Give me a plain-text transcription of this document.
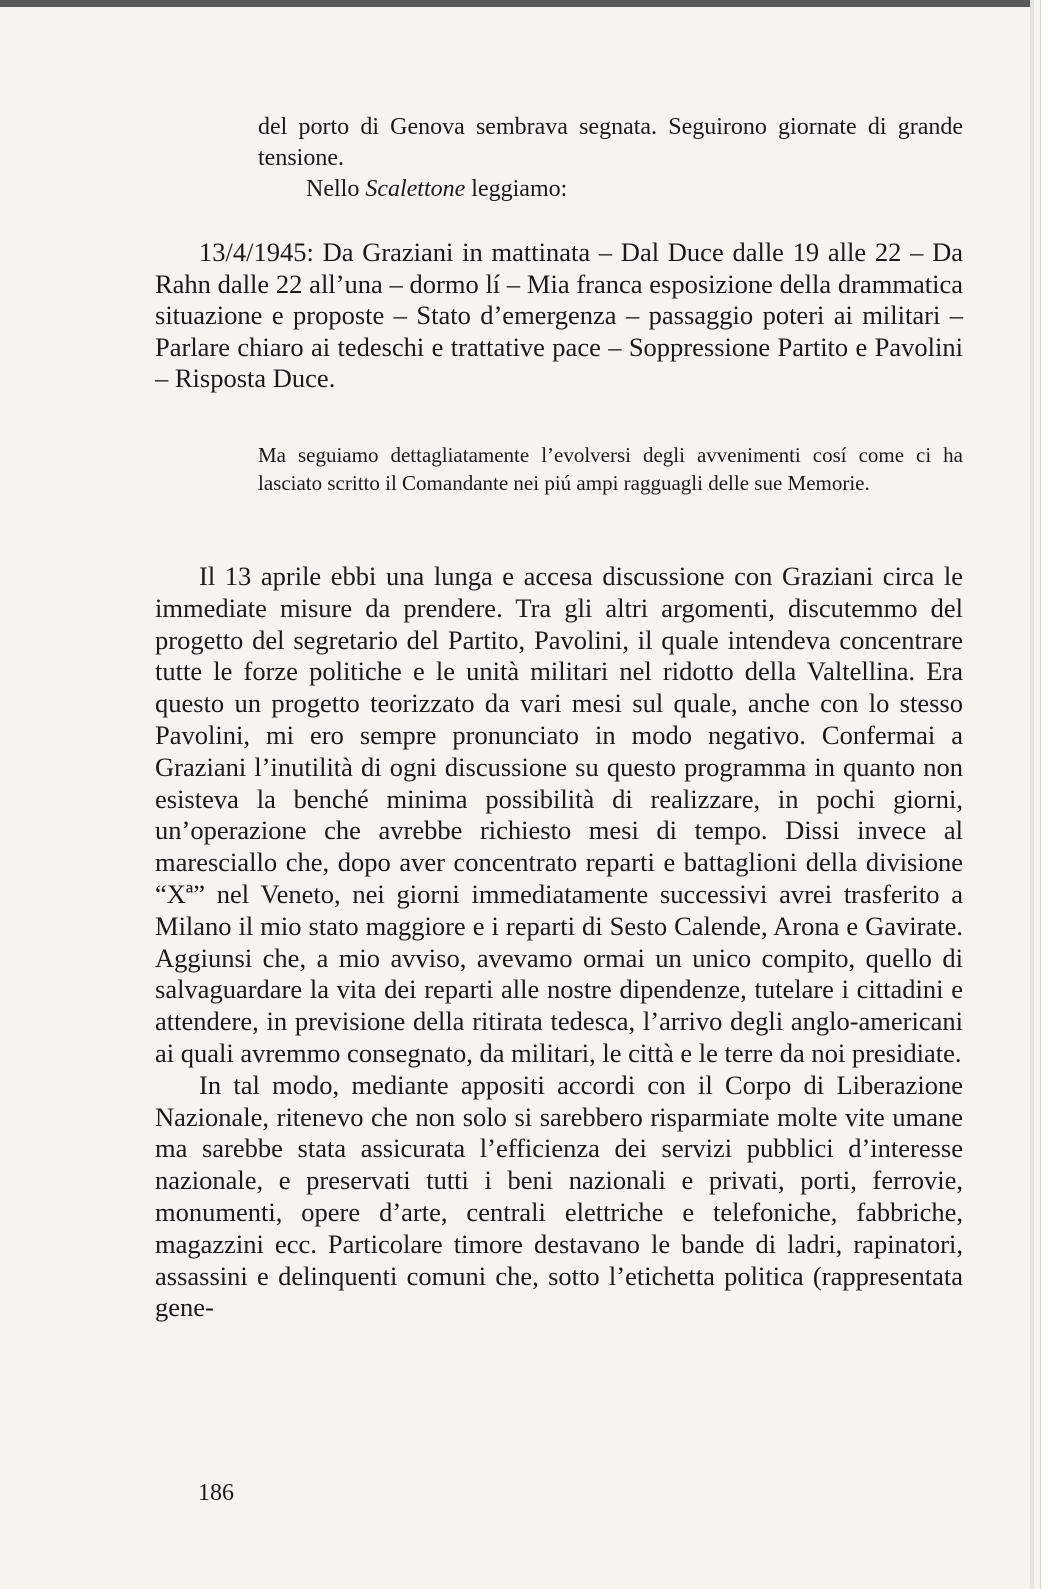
del porto di Genova sembrava segnata. Seguirono giornate di grande tensione.

Nello Scalettone leggiamo:

13/4/1945: Da Graziani in mattinata – Dal Duce dalle 19 alle 22 – Da Rahn dalle 22 all’una – dormo lí – Mia franca esposizione della drammatica situazione e proposte – Stato d’emergenza – passaggio poteri ai militari – Parlare chiaro ai tedeschi e trattative pace – Soppressione Partito e Pavolini – Risposta Duce.

Ma seguiamo dettagliatamente l’evolversi degli avvenimenti cosí come ci ha lasciato scritto il Comandante nei piú ampi ragguagli delle sue Memorie.

Il 13 aprile ebbi una lunga e accesa discussione con Graziani circa le immediate misure da prendere. Tra gli altri argomenti, discutemmo del progetto del segretario del Partito, Pavolini, il quale intendeva concentrare tutte le forze politiche e le unità militari nel ridotto della Valtellina. Era questo un progetto teorizzato da vari mesi sul quale, anche con lo stesso Pavolini, mi ero sempre pronunciato in modo negativo. Confermai a Graziani l’inutilità di ogni discussione su questo programma in quanto non esisteva la benché minima possibilità di realizzare, in pochi giorni, un’operazione che avrebbe richiesto mesi di tempo. Dissi invece al maresciallo che, dopo aver concentrato reparti e battaglioni della divisione “Xª” nel Veneto, nei giorni immediatamente successivi avrei trasferito a Milano il mio stato maggiore e i reparti di Sesto Calende, Arona e Gavirate. Aggiunsi che, a mio avviso, avevamo ormai un unico compito, quello di salvaguardare la vita dei reparti alle nostre dipendenze, tutelare i cittadini e attendere, in previsione della ritirata tedesca, l’arrivo degli anglo-americani ai quali avremmo consegnato, da militari, le città e le terre da noi presidiate.

In tal modo, mediante appositi accordi con il Corpo di Liberazione Nazionale, ritenevo che non solo si sarebbero risparmiate molte vite umane ma sarebbe stata assicurata l’efficienza dei servizi pubblici d’interesse nazionale, e preservati tutti i beni nazionali e privati, porti, ferrovie, monumenti, opere d’arte, centrali elettriche e telefoniche, fabbriche, magazzini ecc. Particolare timore destavano le bande di ladri, rapinatori, assassini e delinquenti comuni che, sotto l’etichetta politica (rappresentata gene-

186
